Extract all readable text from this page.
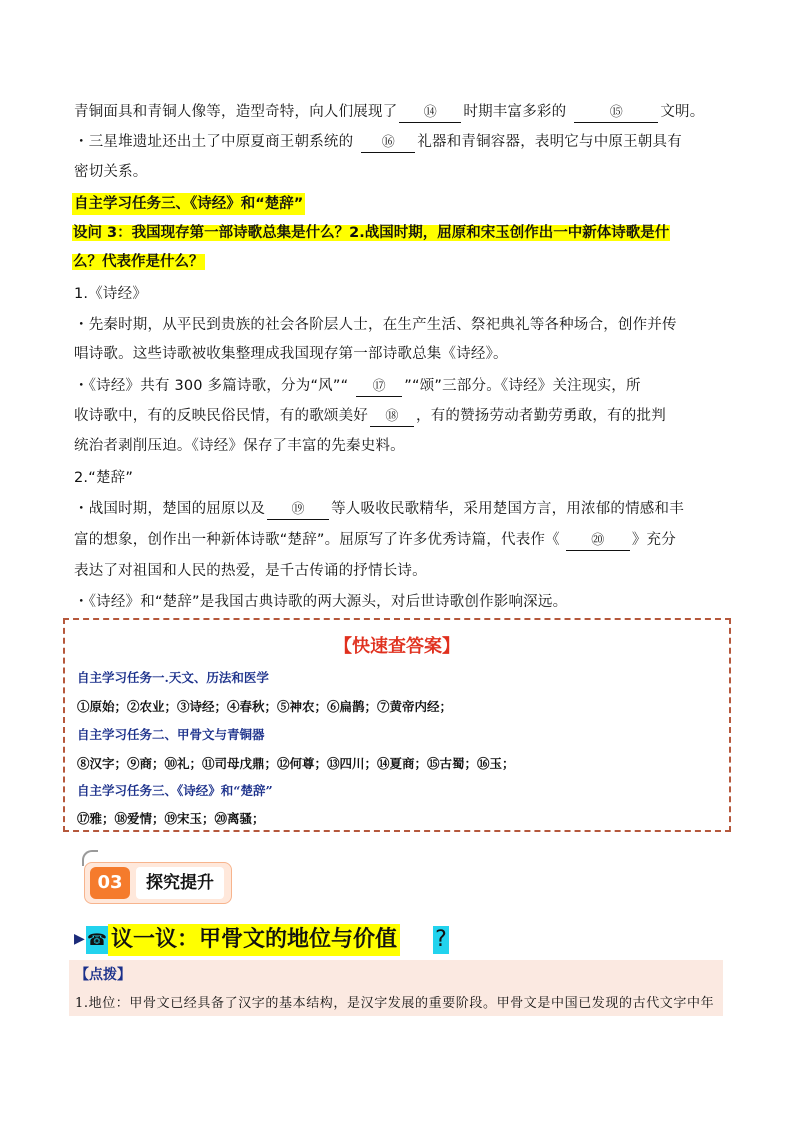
青铜面具和青铜人像等，造型奇特，向人们展现了 ⑭ 时期丰富多彩的	⑮	文明。
・三星堆遗址还出土了中原夏商王朝系统的 ⑯ 礼器和青铜容器，表明它与中原王朝具有
密切关系。
自主学习任务三、《诗经》和“楚辞”
设问 3：我国现存第一部诗歌总集是什么？2.战国时期，屈原和宋玉创作出一中新体诗歌是什
么？代表作是什么？
1.《诗经》
・先秦时期，从平民到贵族的社会各阶层人士，在生产生活、祭祀典礼等各种场合，创作并传
唱诗歌。这些诗歌被收集整理成我国现存第一部诗歌总集《诗经》。
・《诗经》共有 300 多篇诗歌，分为“风”“ ⑰ ”“颂”三部分。《诗经》关注现实，所
收诗歌中，有的反映民俗民情，有的歌颂美好 ⑱ ，有的赞扬劳动者勤劳勇敢，有的批判
统治者剥削压迫。《诗经》保存了丰富的先秦史料。
2.“楚辞”
・战国时期，楚国的屈原以及 ⑲ 等人吸收民歌精华，采用楚国方言，用浓郁的情感和丰
富的想象，创作出一种新体诗歌“楚辞”。屈原写了许多优秀诗篇，代表作《 ⑳ 》充分
表达了对祖国和人民的热爱，是千古传诵的抒情长诗。
・《诗经》和“楚辞”是我国古典诗歌的两大源头，对后世诗歌创作影响深远。
【快速查答案】
自主学习任务一.天文、历法和医学
①原始；②农业；③诗经；④春秋；⑤神农；⑥扁鹊；⑦黄帝内经；
自主学习任务二、甲骨文与青铜器
⑧汉字；⑨商；⑩礼；⑪司母戊鼎；⑫何尊；⑬四川；⑭夏商；⑮古蜀；⑯玉；
自主学习任务三、《诗经》和“楚辞”
⑰雅；⑱爱情；⑲宋玉；⑳离骚；
03	探究提升
▶ ☎ 议一议：甲骨文的地位与价值 ?
【点拨】
1.地位：甲骨文已经具备了汉字的基本结构，是汉字发展的重要阶段。甲骨文是中国已发现的古代文字中年
